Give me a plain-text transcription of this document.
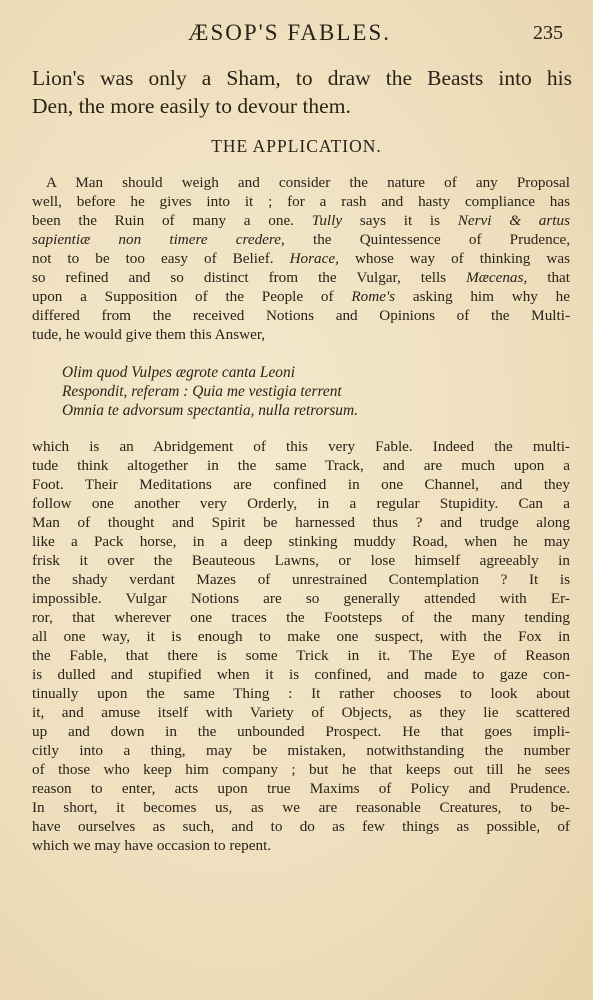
ÆSOP'S FABLES.	235
Lion's was only a Sham, to draw the Beasts into his
Den, the more easily to devour them.
THE APPLICATION.
A Man should weigh and consider the nature of any Proposal
well, before he gives into it ; for a rash and hasty compliance has
been the Ruin of many a one. Tully says it is Nervi & artus
sapientiæ non timere credere, the Quintessence of Prudence,
not to be too easy of Belief. Horace, whose way of thinking was
so refined and so distinct from the Vulgar, tells Mæcenas, that
upon a Supposition of the People of Rome's asking him why he
differed from the received Notions and Opinions of the Multi-
tude, he would give them this Answer,
Olim quod Vulpes ægrote canta Leoni
Respondit, referam : Quia me vestigia terrent
Omnia te advorsum spectantia, nulla retrorsum.
which is an Abridgement of this very Fable. Indeed the multi-
tude think altogether in the same Track, and are much upon a
Foot. Their Meditations are confined in one Channel, and they
follow one another very Orderly, in a regular Stupidity. Can a
Man of thought and Spirit be harnessed thus ? and trudge along
like a Pack horse, in a deep stinking muddy Road, when he may
frisk it over the Beauteous Lawns, or lose himself agreeably in
the shady verdant Mazes of unrestrained Contemplation ? It is
impossible. Vulgar Notions are so generally attended with Er-
ror, that wherever one traces the Footsteps of the many tending
all one way, it is enough to make one suspect, with the Fox in
the Fable, that there is some Trick in it. The Eye of Reason
is dulled and stupified when it is confined, and made to gaze con-
tinually upon the same Thing : It rather chooses to look about
it, and amuse itself with Variety of Objects, as they lie scattered
up and down in the unbounded Prospect. He that goes impli-
citly into a thing, may be mistaken, notwithstanding the number
of those who keep him company ; but he that keeps out till he sees
reason to enter, acts upon true Maxims of Policy and Prudence.
In short, it becomes us, as we are reasonable Creatures, to be-
have ourselves as such, and to do as few things as possible, of
which we may have occasion to repent.
